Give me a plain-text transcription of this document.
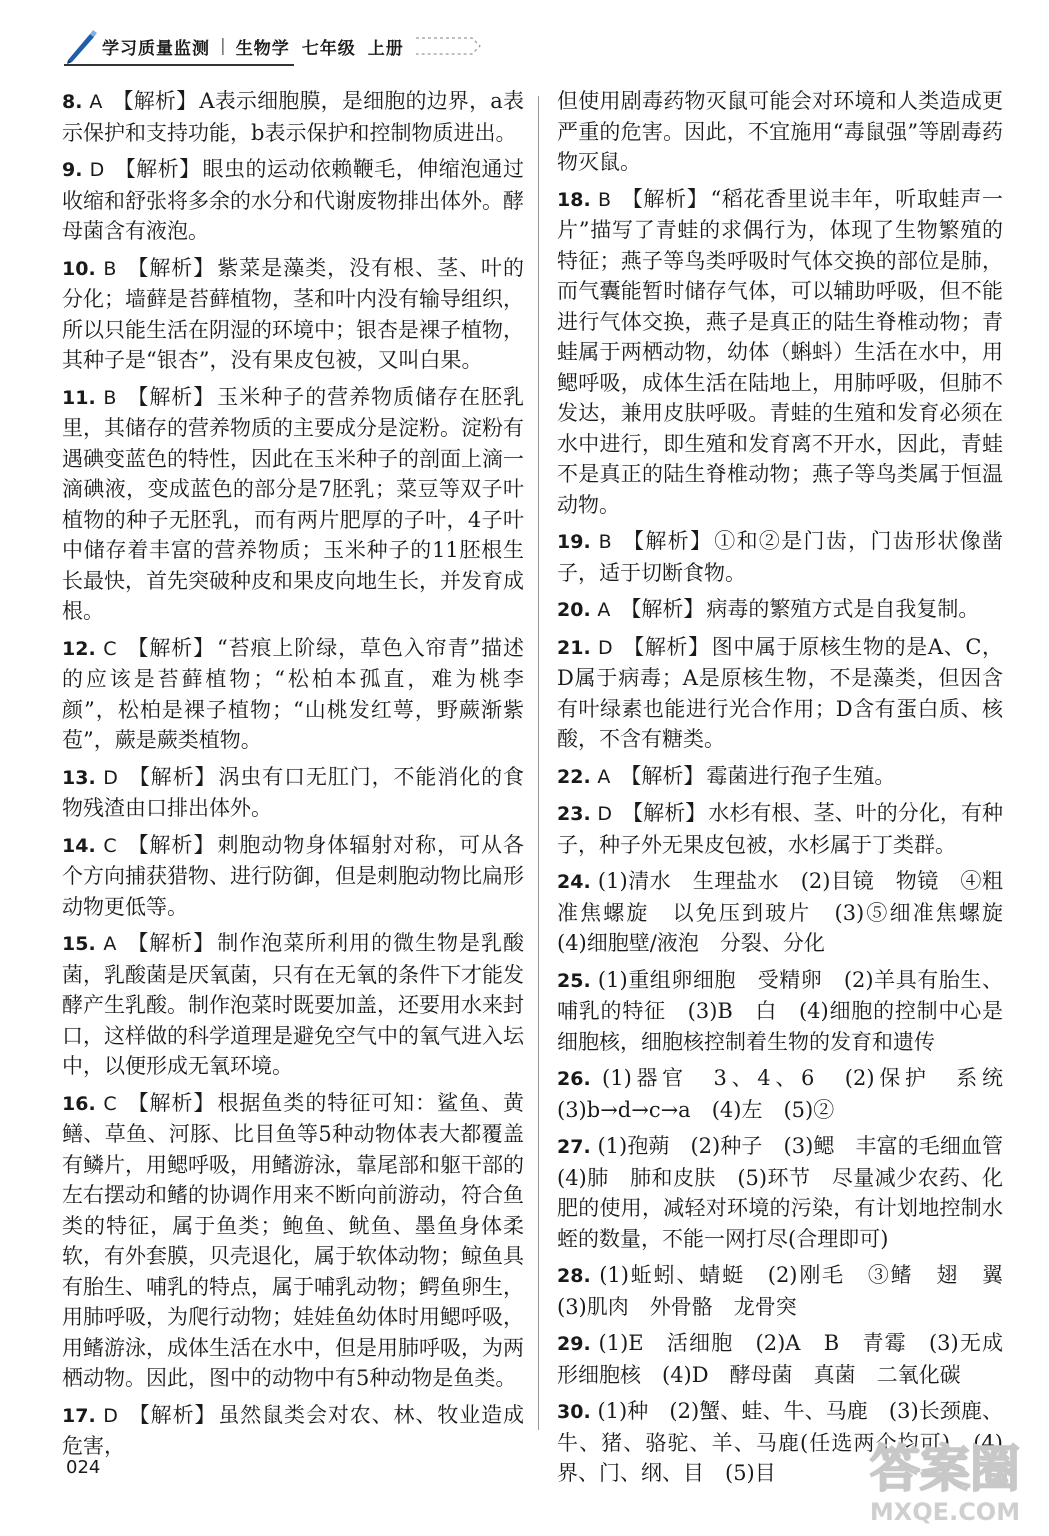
学习质量监测 | 生物学 七年级 上册
8. A 【解析】A表示细胞膜，是细胞的边界，a表示保护和支持功能，b表示保护和控制物质进出。
9. D 【解析】眼虫的运动依赖鞭毛，伸缩泡通过收缩和舒张将多余的水分和代谢废物排出体外。酵母菌含有液泡。
10. B 【解析】紫菜是藻类，没有根、茎、叶的分化；墙藓是苔藓植物，茎和叶内没有输导组织，所以只能生活在阴湿的环境中；银杏是裸子植物，其种子是“银杏”，没有果皮包被，又叫白果。
11. B 【解析】玉米种子的营养物质储存在胚乳里，其储存的营养物质的主要成分是淀粉。淀粉有遇碘变蓝色的特性，因此在玉米种子的剖面上滴一滴碘液，变成蓝色的部分是7胚乳；菜豆等双子叶植物的种子无胚乳，而有两片肥厚的子叶，4子叶中储存着丰富的营养物质；玉米种子的11胚根生长最快，首先突破种皮和果皮向地生长，并发育成根。
12. C 【解析】“苔痕上阶绿，草色入帘青”描述的应该是苔藓植物；“松柏本孤直，难为桃李颜”，松柏是裸子植物；“山桃发红萼，野蕨渐紫苞”，蕨是蕨类植物。
13. D 【解析】涡虫有口无肛门，不能消化的食物残渣由口排出体外。
14. C 【解析】刺胞动物身体辐射对称，可从各个方向捕获猎物、进行防御，但是刺胞动物比扁形动物更低等。
15. A 【解析】制作泡菜所利用的微生物是乳酸菌，乳酸菌是厌氧菌，只有在无氧的条件下才能发酵产生乳酸。制作泡菜时既要加盖，还要用水来封口，这样做的科学道理是避免空气中的氧气进入坛中，以便形成无氧环境。
16. C 【解析】根据鱼类的特征可知：鲨鱼、黄鳝、草鱼、河豚、比目鱼等5种动物体表大都覆盖有鳞片，用鳃呼吸，用鳍游泳，靠尾部和躯干部的左右摆动和鳍的协调作用来不断向前游动，符合鱼类的特征，属于鱼类；鲍鱼、鱿鱼、墨鱼身体柔软，有外套膜，贝壳退化，属于软体动物；鲸鱼具有胎生、哺乳的特点，属于哺乳动物；鳄鱼卵生，用肺呼吸，为爬行动物；娃娃鱼幼体时用鳃呼吸，用鳍游泳，成体生活在水中，但是用肺呼吸，为两栖动物。因此，图中的动物中有5种动物是鱼类。
17. D 【解析】虽然鼠类会对农、林、牧业造成危害，
但使用剧毒药物灭鼠可能会对环境和人类造成更严重的危害。因此，不宜施用“毒鼠强”等剧毒药物灭鼠。
18. B 【解析】“稻花香里说丰年，听取蛙声一片”描写了青蛙的求偶行为，体现了生物繁殖的特征；燕子等鸟类呼吸时气体交换的部位是肺，而气囊能暂时储存气体，可以辅助呼吸，但不能进行气体交换，燕子是真正的陆生脊椎动物；青蛙属于两栖动物，幼体（蝌蚪）生活在水中，用鳃呼吸，成体生活在陆地上，用肺呼吸，但肺不发达，兼用皮肤呼吸。青蛙的生殖和发育必须在水中进行，即生殖和发育离不开水，因此，青蛙不是真正的陆生脊椎动物；燕子等鸟类属于恒温动物。
19. B 【解析】①和②是门齿，门齿形状像凿子，适于切断食物。
20. A 【解析】病毒的繁殖方式是自我复制。
21. D 【解析】图中属于原核生物的是A、C，D属于病毒；A是原核生物，不是藻类，但因含有叶绿素也能进行光合作用；D含有蛋白质、核酸，不含有糖类。
22. A 【解析】霉菌进行孢子生殖。
23. D 【解析】水杉有根、茎、叶的分化，有种子，种子外无果皮包被，水杉属于丁类群。
24. (1)清水　生理盐水　(2)目镜　物镜　④粗准焦螺旋　以免压到玻片　(3)⑤细准焦螺旋　(4)细胞壁/液泡　分裂、分化
25. (1)重组卵细胞　受精卵　(2)羊具有胎生、哺乳的特征　(3)B　白　(4)细胞的控制中心是细胞核，细胞核控制着生物的发育和遗传
26. (1)器官　3、4、6　(2)保护　系统　(3)b→d→c→a　(4)左　(5)②
27. (1)孢蒴　(2)种子　(3)鳃　丰富的毛细血管　(4)肺　肺和皮肤　(5)环节　尽量减少农药、化肥的使用，减轻对环境的污染，有计划地控制水蛭的数量，不能一网打尽(合理即可)
28. (1)蚯蚓、蜻蜓　(2)刚毛　③鳍　翅　翼　(3)肌肉　外骨骼　龙骨突
29. (1)E　活细胞　(2)A　B　青霉　(3)无成形细胞核　(4)D　酵母菌　真菌　二氧化碳
30. (1)种　(2)蟹、蛙、牛、马鹿　(3)长颈鹿、牛、猪、骆驼、羊、马鹿(任选两个均可)　(4)界、门、纲、目　(5)目
024	答案圈
MXQE.COM
